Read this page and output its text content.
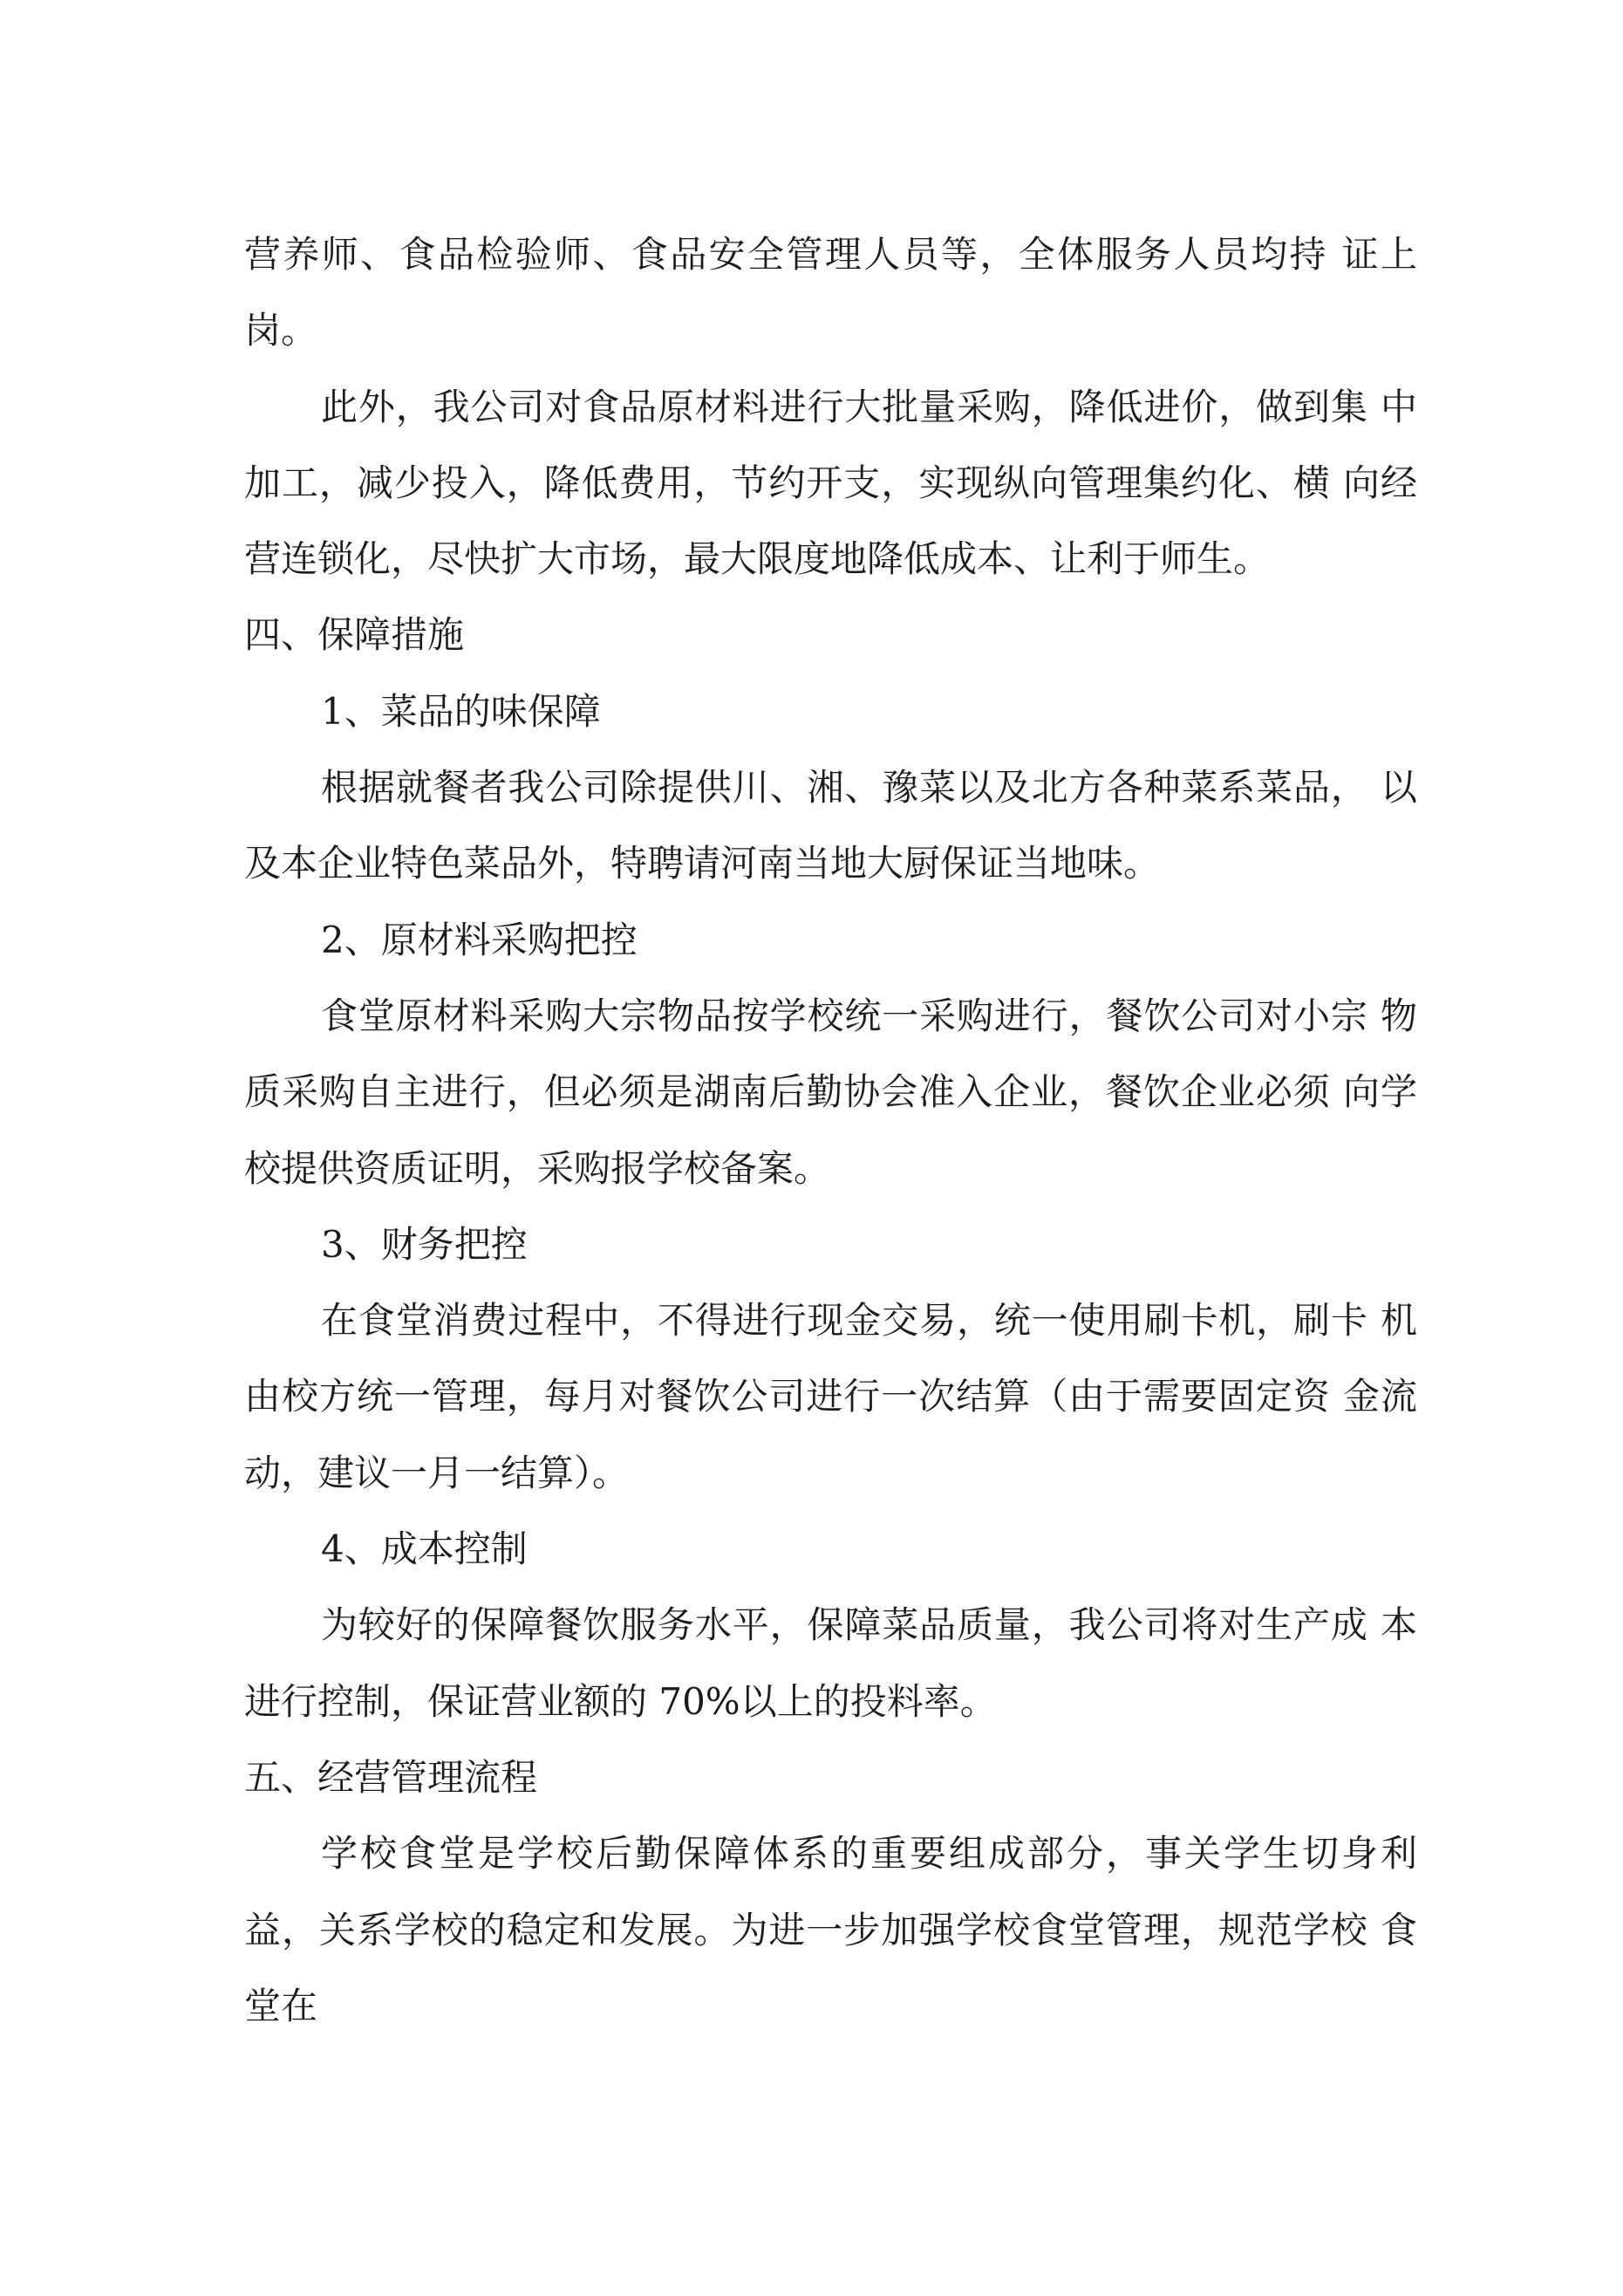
营养师、食品检验师、食品安全管理人员等，全体服务人员均持 证上岗。

此外，我公司对食品原材料进行大批量采购，降低进价，做到集 中加工，减少投入，降低费用，节约开支，实现纵向管理集约化、横 向经营连锁化，尽快扩大市场，最大限度地降低成本、让利于师生。

四、保障措施

1、菜品的味保障

根据就餐者我公司除提供川、湘、豫菜以及北方各种菜系菜品， 以及本企业特色菜品外，特聘请河南当地大厨保证当地味。

2、原材料采购把控

食堂原材料采购大宗物品按学校统一采购进行，餐饮公司对小宗 物质采购自主进行，但必须是湖南后勤协会准入企业，餐饮企业必须 向学校提供资质证明，采购报学校备案。

3、财务把控

在食堂消费过程中，不得进行现金交易，统一使用刷卡机，刷卡 机由校方统一管理，每月对餐饮公司进行一次结算（由于需要固定资 金流动，建议一月一结算）。

4、成本控制

为较好的保障餐饮服务水平，保障菜品质量，我公司将对生产成 本进行控制，保证营业额的 70%以上的投料率。

五、经营管理流程

学校食堂是学校后勤保障体系的重要组成部分，事关学生切身利 益，关系学校的稳定和发展。为进一步加强学校食堂管理，规范学校 食堂在
